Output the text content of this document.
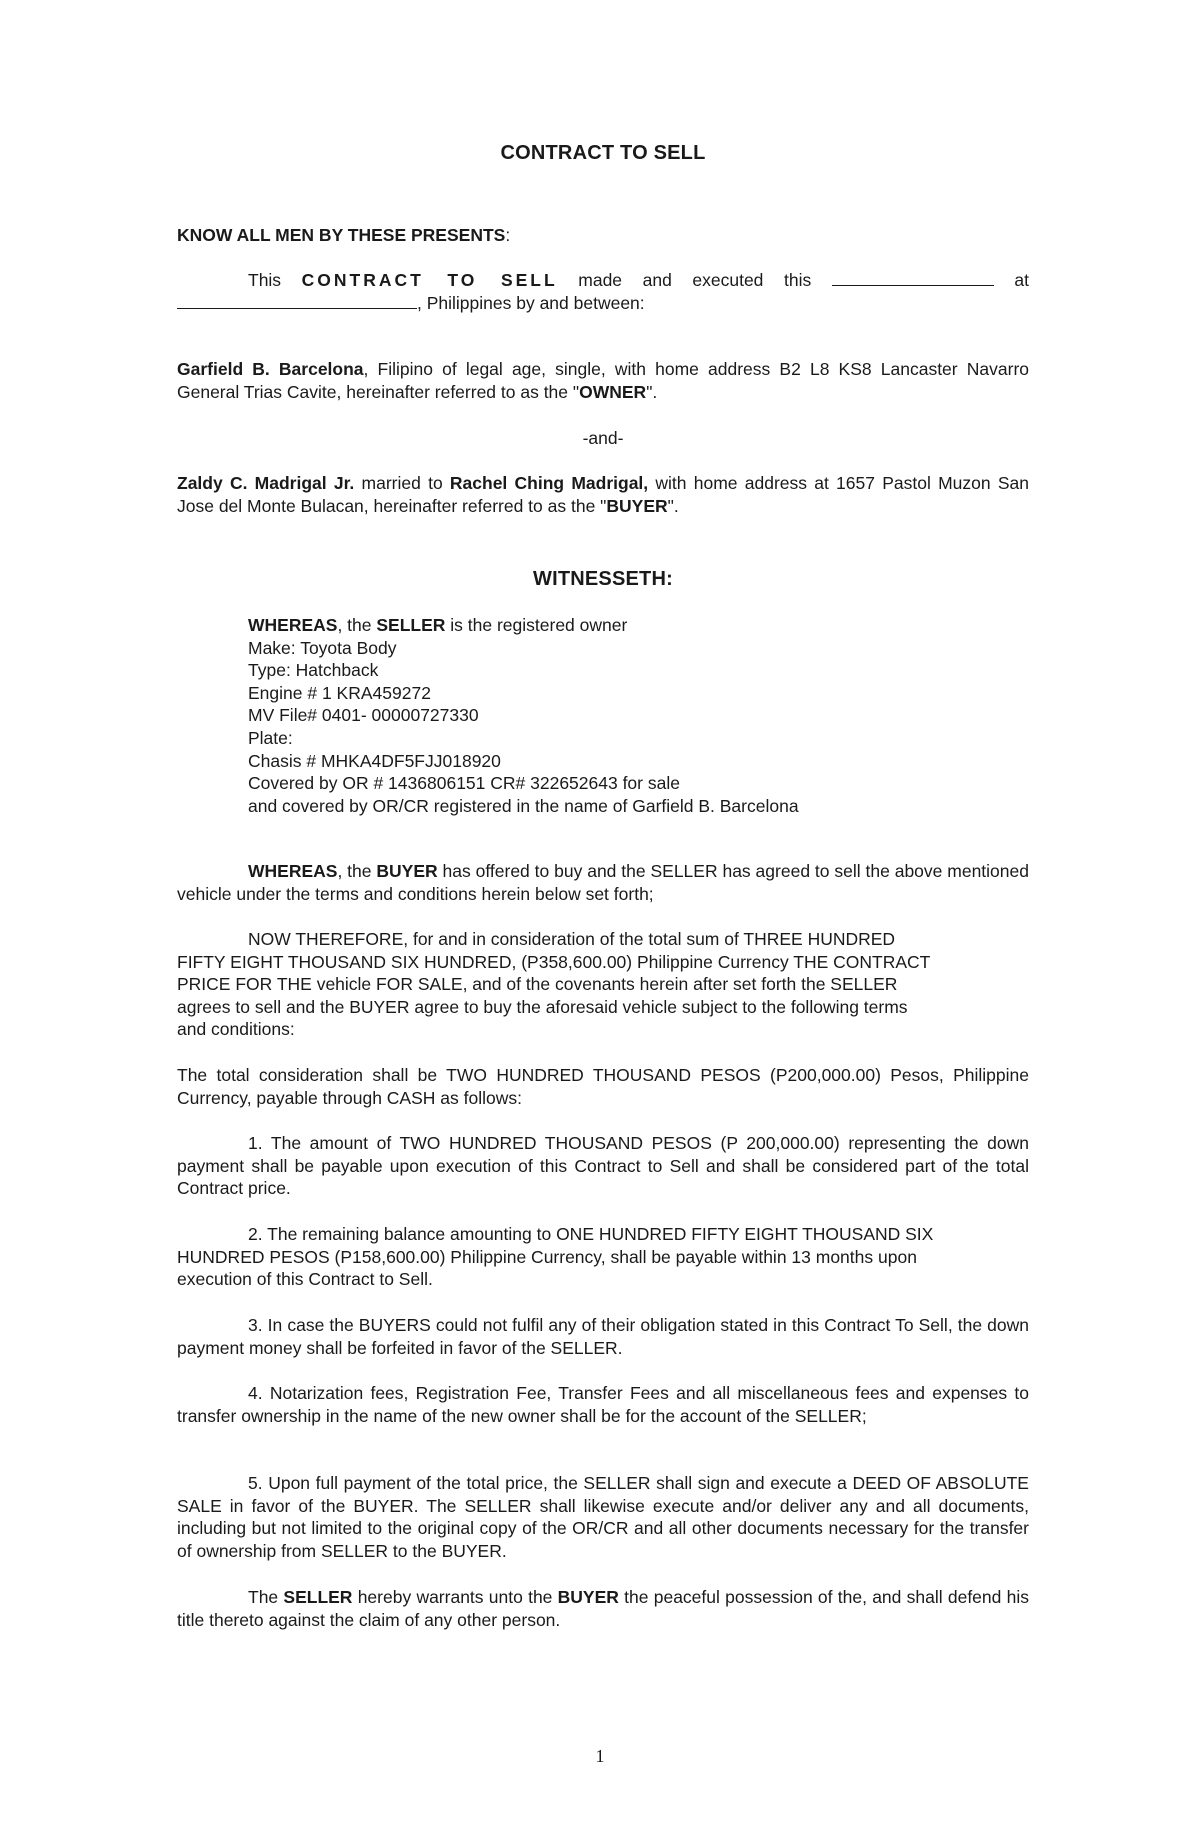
CONTRACT TO SELL
KNOW ALL MEN BY THESE PRESENTS:
This CONTRACT TO SELL made and executed this	at
, Philippines by and between:
Garfield B. Barcelona, Filipino of legal age, single, with home address B2 L8 KS8 Lancaster Navarro General Trias Cavite, hereinafter referred to as the "OWNER".
-and-
Zaldy C. Madrigal Jr. married to Rachel Ching Madrigal, with home address at 1657 Pastol Muzon San Jose del Monte Bulacan, hereinafter referred to as the "BUYER".
WITNESSETH:
WHEREAS, the SELLER is the registered owner
Make: Toyota Body
Type: Hatchback
Engine # 1 KRA459272
MV File# 0401- 00000727330
Plate:
Chasis # MHKA4DF5FJJ018920
Covered by OR # 1436806151 CR# 322652643 for sale
and covered by OR/CR registered in the name of Garfield B. Barcelona
WHEREAS, the BUYER has offered to buy and the SELLER has agreed to sell the above mentioned vehicle under the terms and conditions herein below set forth;
NOW THEREFORE, for and in consideration of the total sum of THREE HUNDRED
FIFTY EIGHT THOUSAND SIX HUNDRED, (P358,600.00) Philippine Currency THE CONTRACT
PRICE FOR THE vehicle FOR SALE, and of the covenants herein after set forth the SELLER
agrees to sell and the BUYER agree to buy the aforesaid vehicle subject to the following terms
and conditions:
The total consideration shall be TWO HUNDRED THOUSAND PESOS (P200,000.00) Pesos, Philippine Currency, payable through CASH as follows:
1. The amount of TWO HUNDRED THOUSAND PESOS (P 200,000.00) representing the down payment shall be payable upon execution of this Contract to Sell and shall be considered part of the total Contract price.
2. The remaining balance amounting to ONE HUNDRED FIFTY EIGHT THOUSAND SIX
HUNDRED PESOS (P158,600.00) Philippine Currency, shall be payable within 13 months upon
execution of this Contract to Sell.
3. In case the BUYERS could not fulfil any of their obligation stated in this Contract To Sell, the down payment money shall be forfeited in favor of the SELLER.
4. Notarization fees, Registration Fee, Transfer Fees and all miscellaneous fees and expenses to transfer ownership in the name of the new owner shall be for the account of the SELLER;
5. Upon full payment of the total price, the SELLER shall sign and execute a DEED OF ABSOLUTE SALE in favor of the BUYER. The SELLER shall likewise execute and/or deliver any and all documents, including but not limited to the original copy of the OR/CR and all other documents necessary for the transfer of ownership from SELLER to the BUYER.
The SELLER hereby warrants unto the BUYER the peaceful possession of the, and shall defend his title thereto against the claim of any other person.
1
